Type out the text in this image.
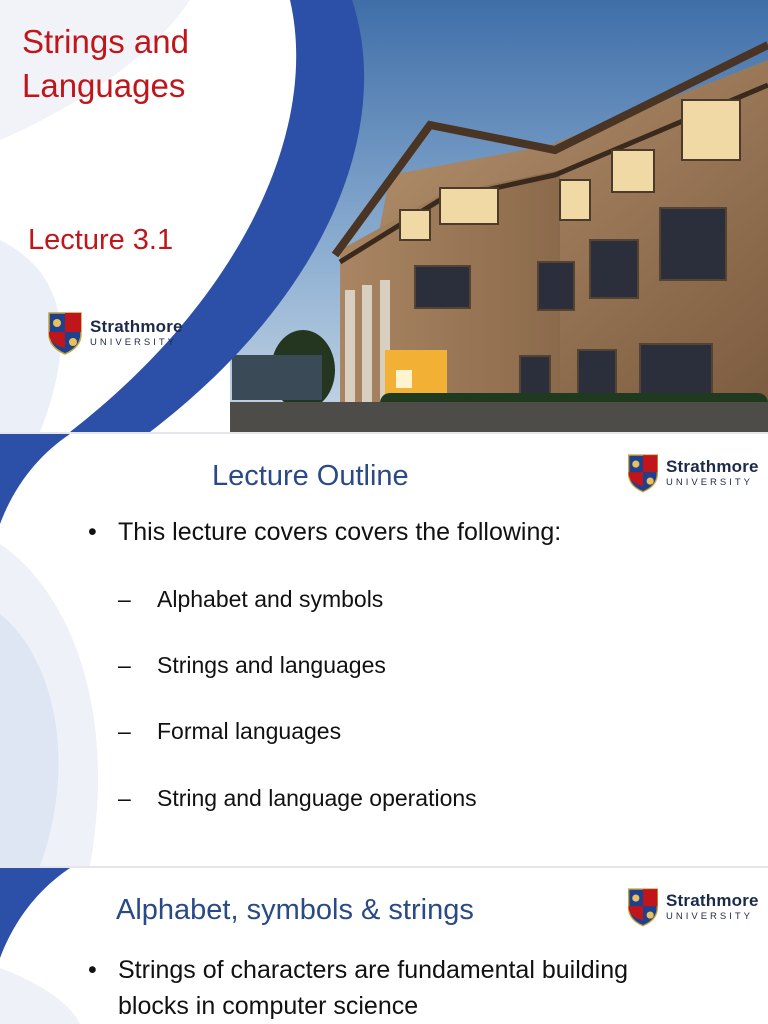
Strings and
Languages
Lecture 3.1
Strathmore
UNIVERSITY
Lecture Outline	Strathmore
UNIVERSITY
• This lecture covers covers the following:
– Alphabet and symbols
– Strings and languages
– Formal languages
– String and language operations
Alphabet, symbols & strings	Strathmore
UNIVERSITY
• Strings of characters are fundamental building
blocks in computer science
